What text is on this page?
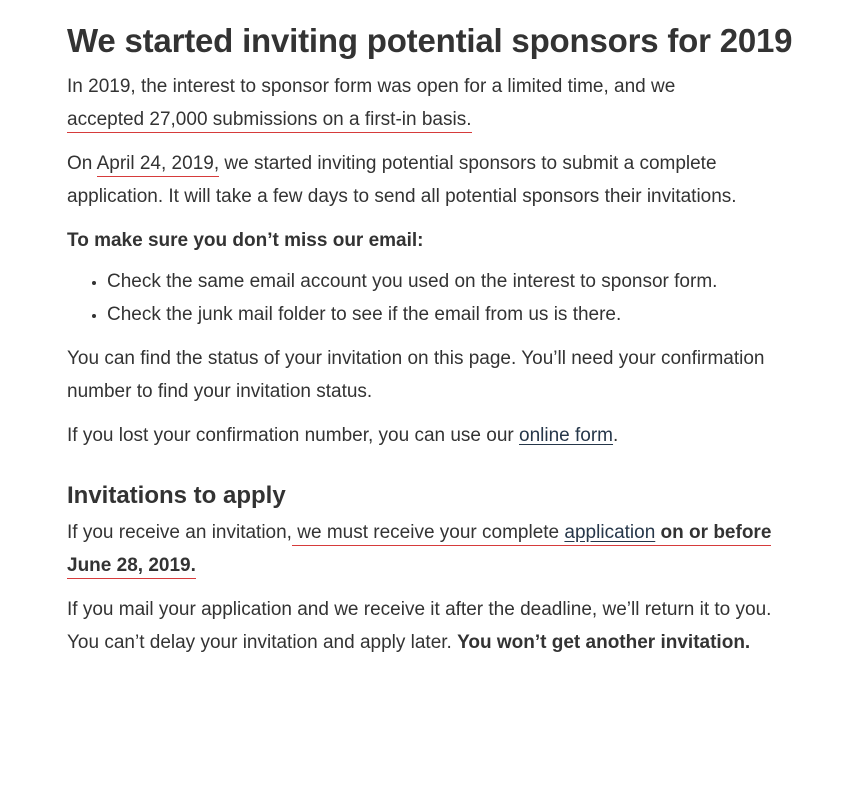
We started inviting potential sponsors for 2019

In 2019, the interest to sponsor form was open for a limited time, and we
accepted 27,000 submissions on a first-in basis.

On April 24, 2019, we started inviting potential sponsors to submit a complete application. It will take a few days to send all potential sponsors their invitations.

To make sure you don’t miss our email:

• Check the same email account you used on the interest to sponsor form.
• Check the junk mail folder to see if the email from us is there.

You can find the status of your invitation on this page. You’ll need your confirmation number to find your invitation status.

If you lost your confirmation number, you can use our online form.

Invitations to apply

If you receive an invitation, we must receive your complete application on or before June 28, 2019.

If you mail your application and we receive it after the deadline, we’ll return it to you. You can’t delay your invitation and apply later. You won’t get another invitation.
